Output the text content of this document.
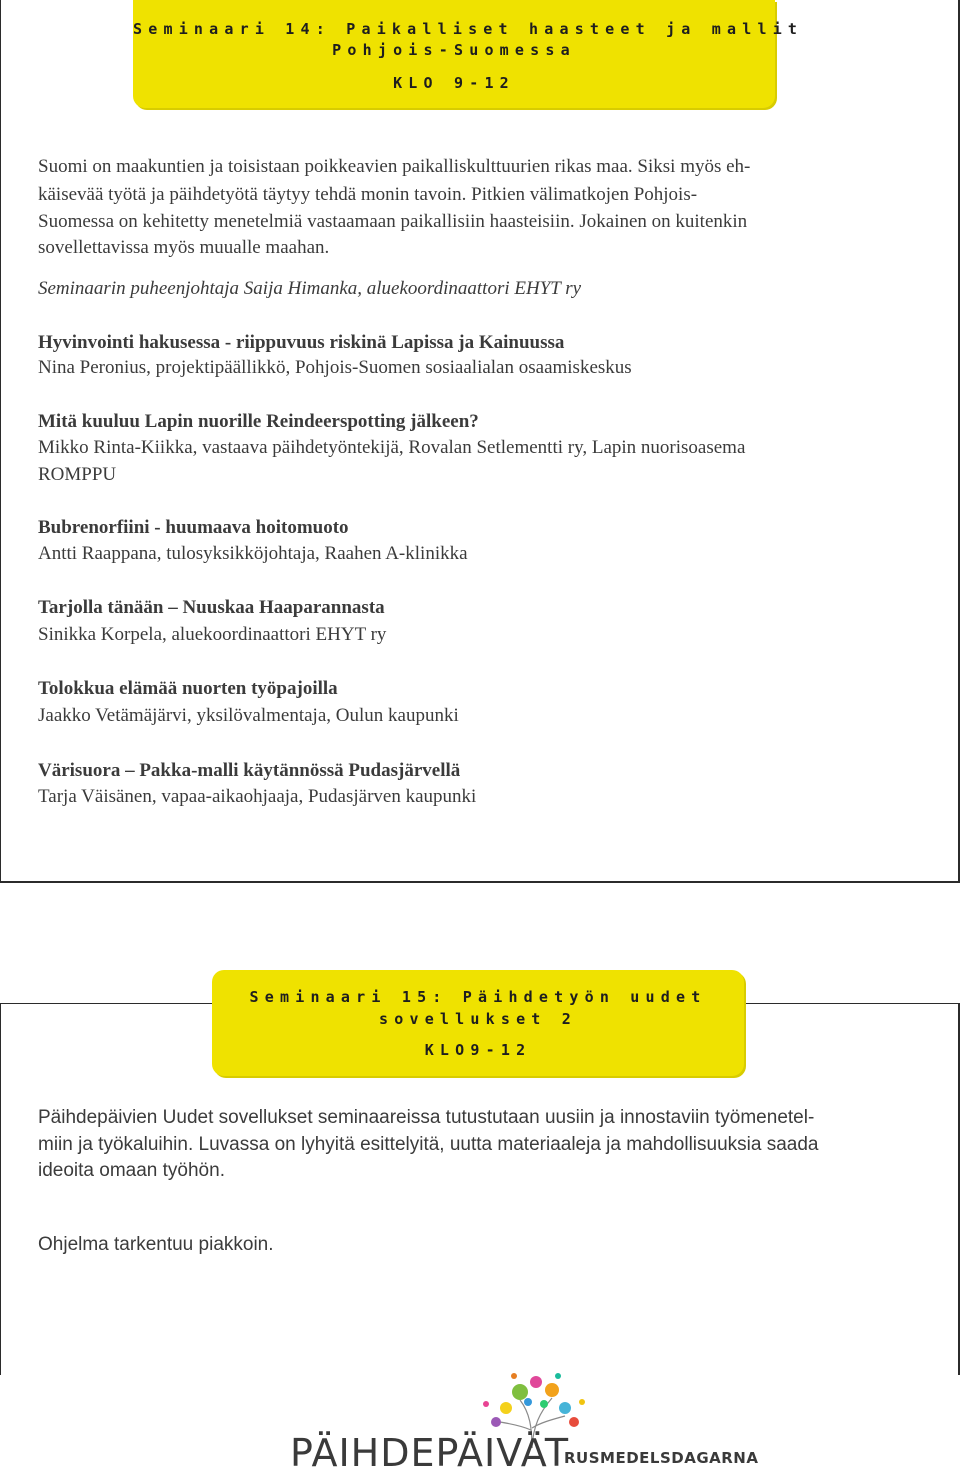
Seminaari 14: Paikalliset haasteet ja mallit
Pohjois-Suomessa
KLO 9-12
Suomi on maakuntien ja toisistaan poikkeavien paikalliskulttuurien rikas maa. Siksi myös eh-
käisevää työtä ja päihdetyötä täytyy tehdä monin tavoin. Pitkien välimatkojen Pohjois-
Suomessa on kehitetty menetelmiä vastaamaan paikallisiin haasteisiin. Jokainen on kuitenkin
sovellettavissa myös muualle maahan.
Seminaarin puheenjohtaja Saija Himanka, aluekoordinaattori EHYT ry
Hyvinvointi hakusessa - riippuvuus riskinä Lapissa ja Kainuussa
Nina Peronius, projektipäällikkö, Pohjois-Suomen sosiaalialan osaamiskeskus
Mitä kuuluu Lapin nuorille Reindeerspotting jälkeen?
Mikko Rinta-Kiikka, vastaava päihdetyöntekijä, Rovalan Setlementti ry, Lapin nuorisoasema
ROMPPU
Bubrenorfiini - huumaava hoitomuoto
Antti Raappana, tulosyksikköjohtaja, Raahen A-klinikka
Tarjolla tänään – Nuuskaa Haaparannasta
Sinikka Korpela, aluekoordinaattori EHYT ry
Tolokkua elämää nuorten työpajoilla
Jaakko Vetämäjärvi, yksilövalmentaja, Oulun kaupunki
Värisuora – Pakka-malli käytännössä Pudasjärvellä
Tarja Väisänen, vapaa-aikaohjaaja, Pudasjärven kaupunki
Seminaari 15: Päihdetyön uudet
sovellukset 2
KLO9-12
Päihdepäivien Uudet sovellukset seminaareissa tutustutaan uusiin ja innostaviin työmenetel-
miin ja työkaluihin. Luvassa on lyhyitä esittelyitä, uutta materiaaleja ja mahdollisuuksia saada
ideoita omaan työhön.
Ohjelma tarkentuu piakkoin.
PÄIHDEPÄIVÄT
RUSMEDELSDAGARNA
